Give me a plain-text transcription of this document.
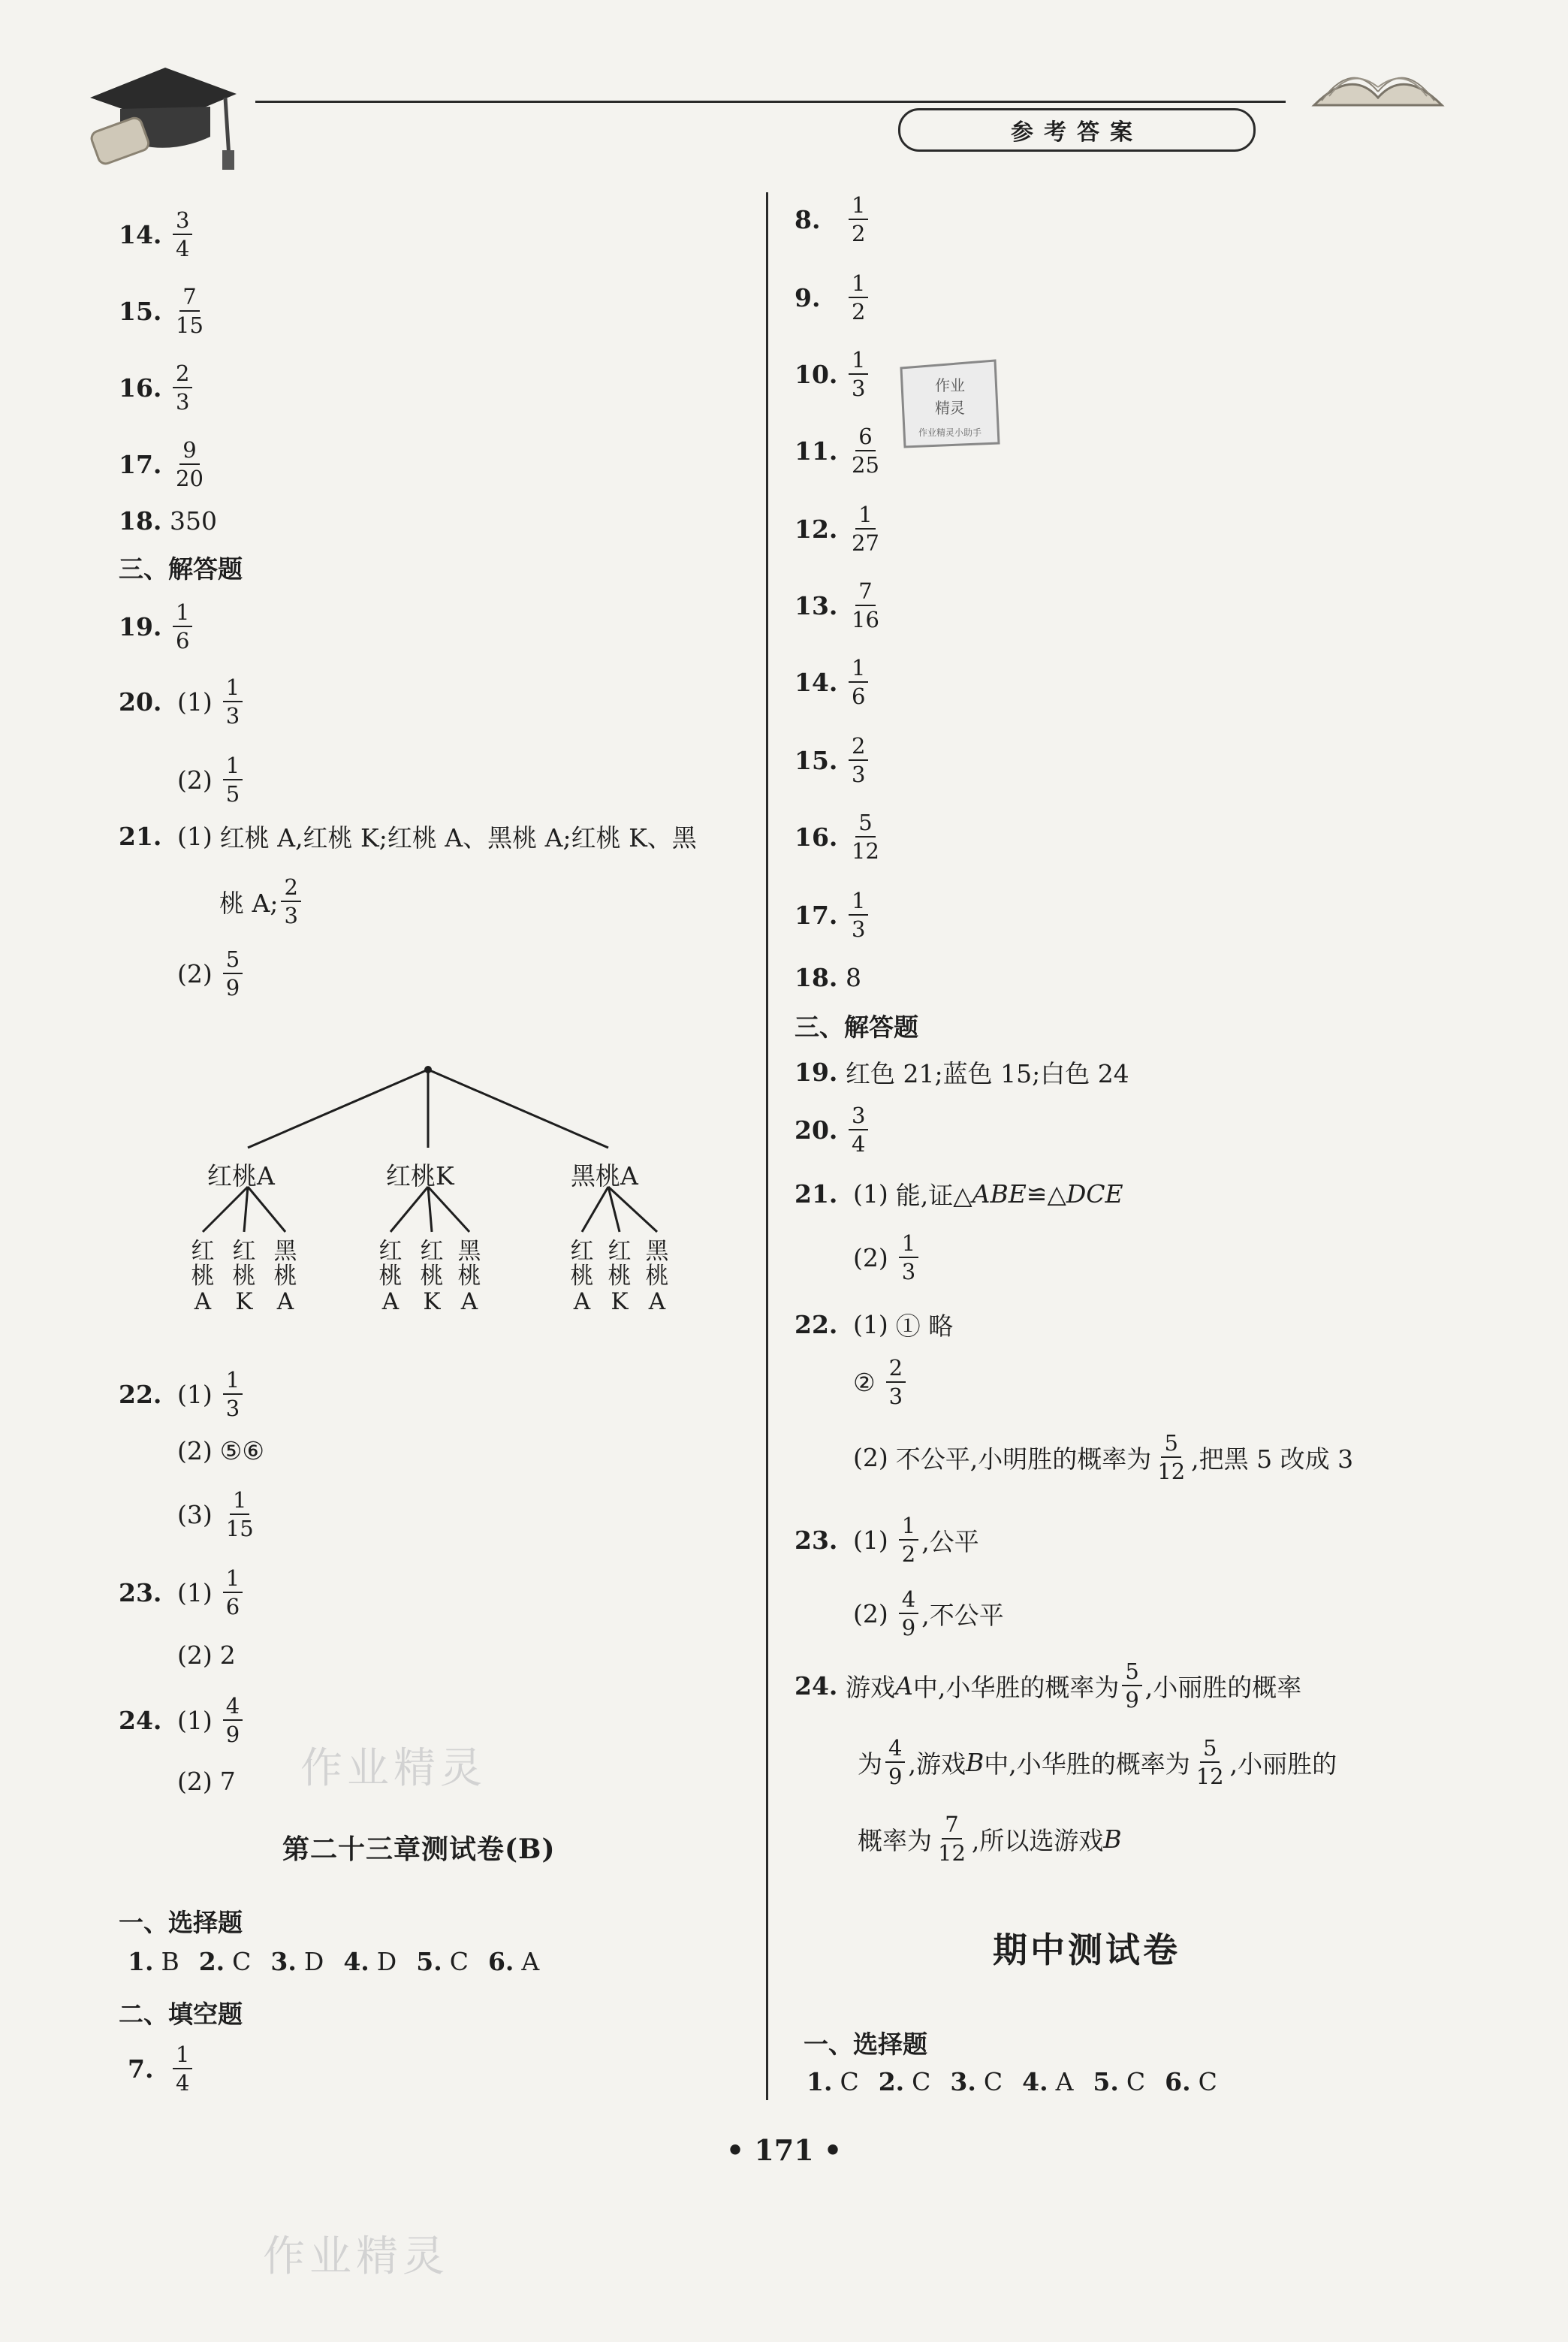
参考答案
作业
精灵
作业精灵小助手
作业精灵
作业精灵
14. $\frac{3}{4}$
15. $\frac{7}{15}$
16. $\frac{2}{3}$
17. $\frac{9}{20}$
18. 350
三、解答题
19. $\frac{1}{6}$
20. $(1) \frac{1}{3}$
$(2) \frac{1}{5}$
21. (1) 红桃 A,红桃 K;红桃 A、黑桃 A;红桃 K、黑
桃 A; $\frac{2}{3}$
$(2) \frac{5}{9}$
红桃A	红桃K	黑桃A
红
桃
A
红
桃
K
黑
桃
A
红
桃
A
红
桃
K
黑
桃
A
红
桃
A
红
桃
K
黑
桃
A
22. $(1) \frac{1}{3}$
(2) ⑤⑥
$(3) \frac{1}{15}$
23. $(1) \frac{1}{6}$
(2) 2
24. $(1) \frac{4}{9}$
(2) 7
第二十三章测试卷(B)
一、选择题
1. B 2. C 3. D 4. D 5. C 6. A
二、填空题
7. $\frac{1}{4}$
8.	$\frac{1}{2}$
9.	$\frac{1}{2}$
10. $\frac{1}{3}$
11. $\frac{6}{25}$
12. $\frac{1}{27}$
13. $\frac{7}{16}$
14. $\frac{1}{6}$
15. $\frac{2}{3}$
16. $\frac{5}{12}$
17. $\frac{1}{3}$
18. 8
三、解答题
19. 红色 21;蓝色 15;白色 24
20. $\frac{3}{4}$
21. (1) 能,证△ ABE ≌△ DCE
$(2) \frac{1}{3}$
22. (1) ① 略
② $\frac{2}{3}$
(2) 不公平,小明胜的概率为 $\frac{5}{12}$ ,把黑 5 改成 3
23. $(1) \frac{1}{2}$ ,公平
$(2) \frac{4}{9}$ ,不公平
24. 游戏 A 中,小华胜的概率为 $\frac{5}{9}$ ,小丽胜的概率
为 $\frac{4}{9}$ ,游戏 B 中,小华胜的概率为 $\frac{5}{12}$ ,小丽胜的
概率为 $\frac{7}{12}$ ,所以选游戏 B
期中测试卷
一、选择题
1. C 2. C 3. C 4. A 5. C 6. C
• 171 •
